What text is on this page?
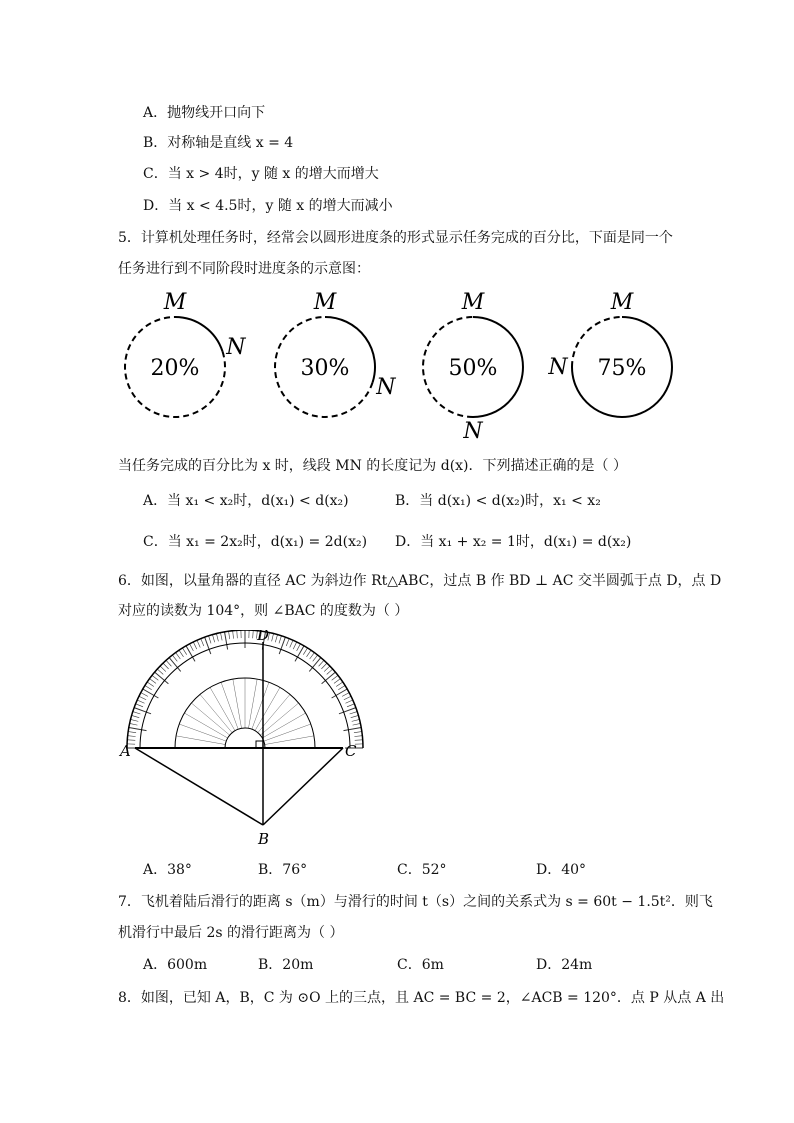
A．抛物线开口向下
B．对称轴是直线 x = 4
C．当 x > 4时，y 随 x 的增大而增大
D．当 x < 4.5时，y 随 x 的增大而减小
5．计算机处理任务时，经常会以圆形进度条的形式显示任务完成的百分比，下面是同一个
任务进行到不同阶段时进度条的示意图：
20%
M
N
30%
M
N
50%
M
N
75%
M
N
当任务完成的百分比为 x 时，线段 MN 的长度记为 d(x)．下列描述正确的是（ ）
A．当 x₁ < x₂时，d(x₁) < d(x₂)	B．当 d(x₁) < d(x₂)时，x₁ < x₂
C．当 x₁ = 2x₂时，d(x₁) = 2d(x₂) D．当 x₁ + x₂ = 1时，d(x₁) = d(x₂)
6．如图，以量角器的直径 AC 为斜边作 Rt△ABC，过点 B 作 BD ⊥ AC 交半圆弧于点 D，点 D
对应的读数为 104°，则 ∠BAC 的度数为（ ）
A	C
B
D
A．38°	B．76°	C．52°	D．40°
7．飞机着陆后滑行的距离 s（m）与滑行的时间 t（s）之间的关系式为 s = 60t − 1.5t²．则飞
机滑行中最后 2s 的滑行距离为（ ）
A．600m	B．20m	C．6m	D．24m
8．如图，已知 A，B，C 为 ⊙O 上的三点，且 AC = BC = 2，∠ACB = 120°．点 P 从点 A 出
